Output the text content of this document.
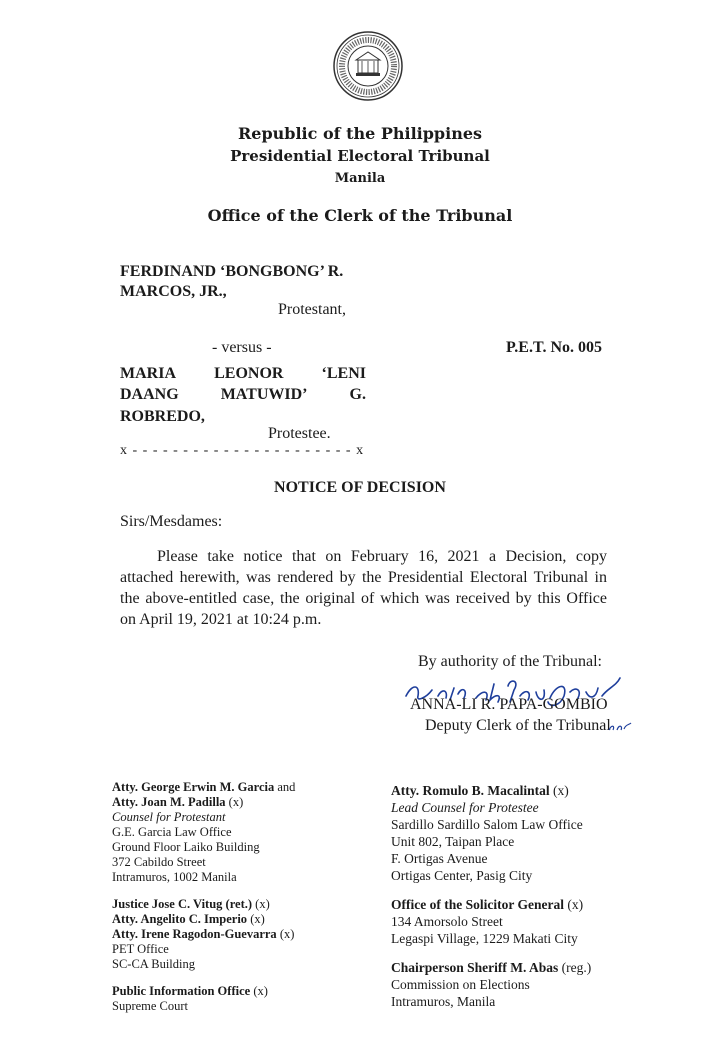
Republic of the Philippines
Presidential Electoral Tribunal
Manila
Office of the Clerk of the Tribunal
FERDINAND ‘BONGBONG’ R. MARCOS, JR.,
Protestant,
- versus -	P.E.T. No. 005
MARIA LEONOR ‘LENI
DAANG	MATUWID’	G.
ROBREDO,
Protestee.
x - - - - - - - - - - - - - - - - - - - - - - x
NOTICE OF DECISION
Sirs/Mesdames:
Please take notice that on February 16, 2021 a Decision, copy attached herewith, was rendered by the Presidential Electoral Tribunal in the above-entitled case, the original of which was received by this Office on April 19, 2021 at 10:24 p.m.
By authority of the Tribunal:
ANNA-LI R. PAPA-GOMBIO
Deputy Clerk of the Tribunal
Atty. George Erwin M. Garcia and
Atty. Joan M. Padilla (x)
Counsel for Protestant
G.E. Garcia Law Office
Ground Floor Laiko Building
372 Cabildo Street
Intramuros, 1002 Manila
Justice Jose C. Vitug (ret.) (x)
Atty. Angelito C. Imperio (x)
Atty. Irene Ragodon-Guevarra (x)
PET Office
SC-CA Building
Public Information Office (x)
Supreme Court
Atty. Romulo B. Macalintal (x)
Lead Counsel for Protestee
Sardillo Sardillo Salom Law Office
Unit 802, Taipan Place
F. Ortigas Avenue
Ortigas Center, Pasig City
Office of the Solicitor General (x)
134 Amorsolo Street
Legaspi Village, 1229 Makati City
Chairperson Sheriff M. Abas (reg.)
Commission on Elections
Intramuros, Manila
